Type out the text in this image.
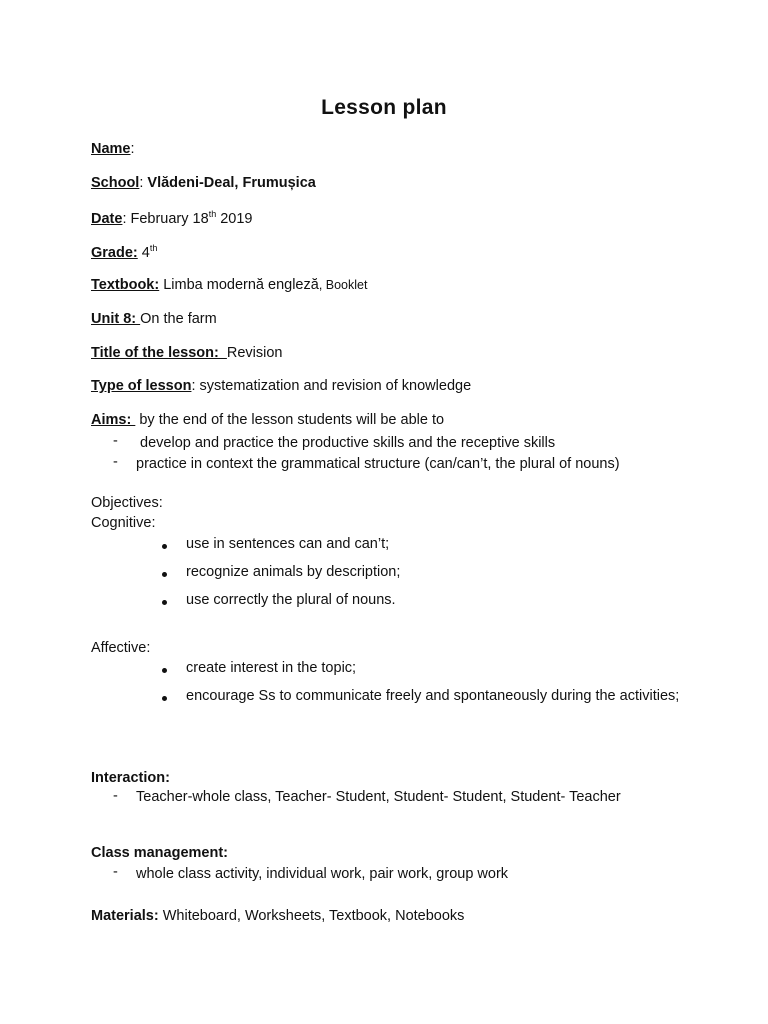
Lesson plan
Name:
School: Vlădeni-Deal, Frumușica
Date: February 18th 2019
Grade: 4th
Textbook: Limba modernă engleză, Booklet
Unit 8: On the farm
Title of the lesson:  Revision
Type of lesson: systematization and revision of knowledge
Aims:  by the end of the lesson students will be able to
- develop and practice the productive skills and the receptive skills
- practice in context the grammatical structure (can/can’t, the plural of nouns)
Objectives:
Cognitive:
use in sentences can and can’t;
recognize animals by description;
use correctly the plural of nouns.
Affective:
create interest in the topic;
encourage Ss to communicate freely and spontaneously during the activities;
Interaction:
- Teacher-whole class, Teacher- Student, Student- Student, Student- Teacher
Class management:
- whole class activity, individual work, pair work, group work
Materials: Whiteboard, Worksheets, Textbook, Notebooks
